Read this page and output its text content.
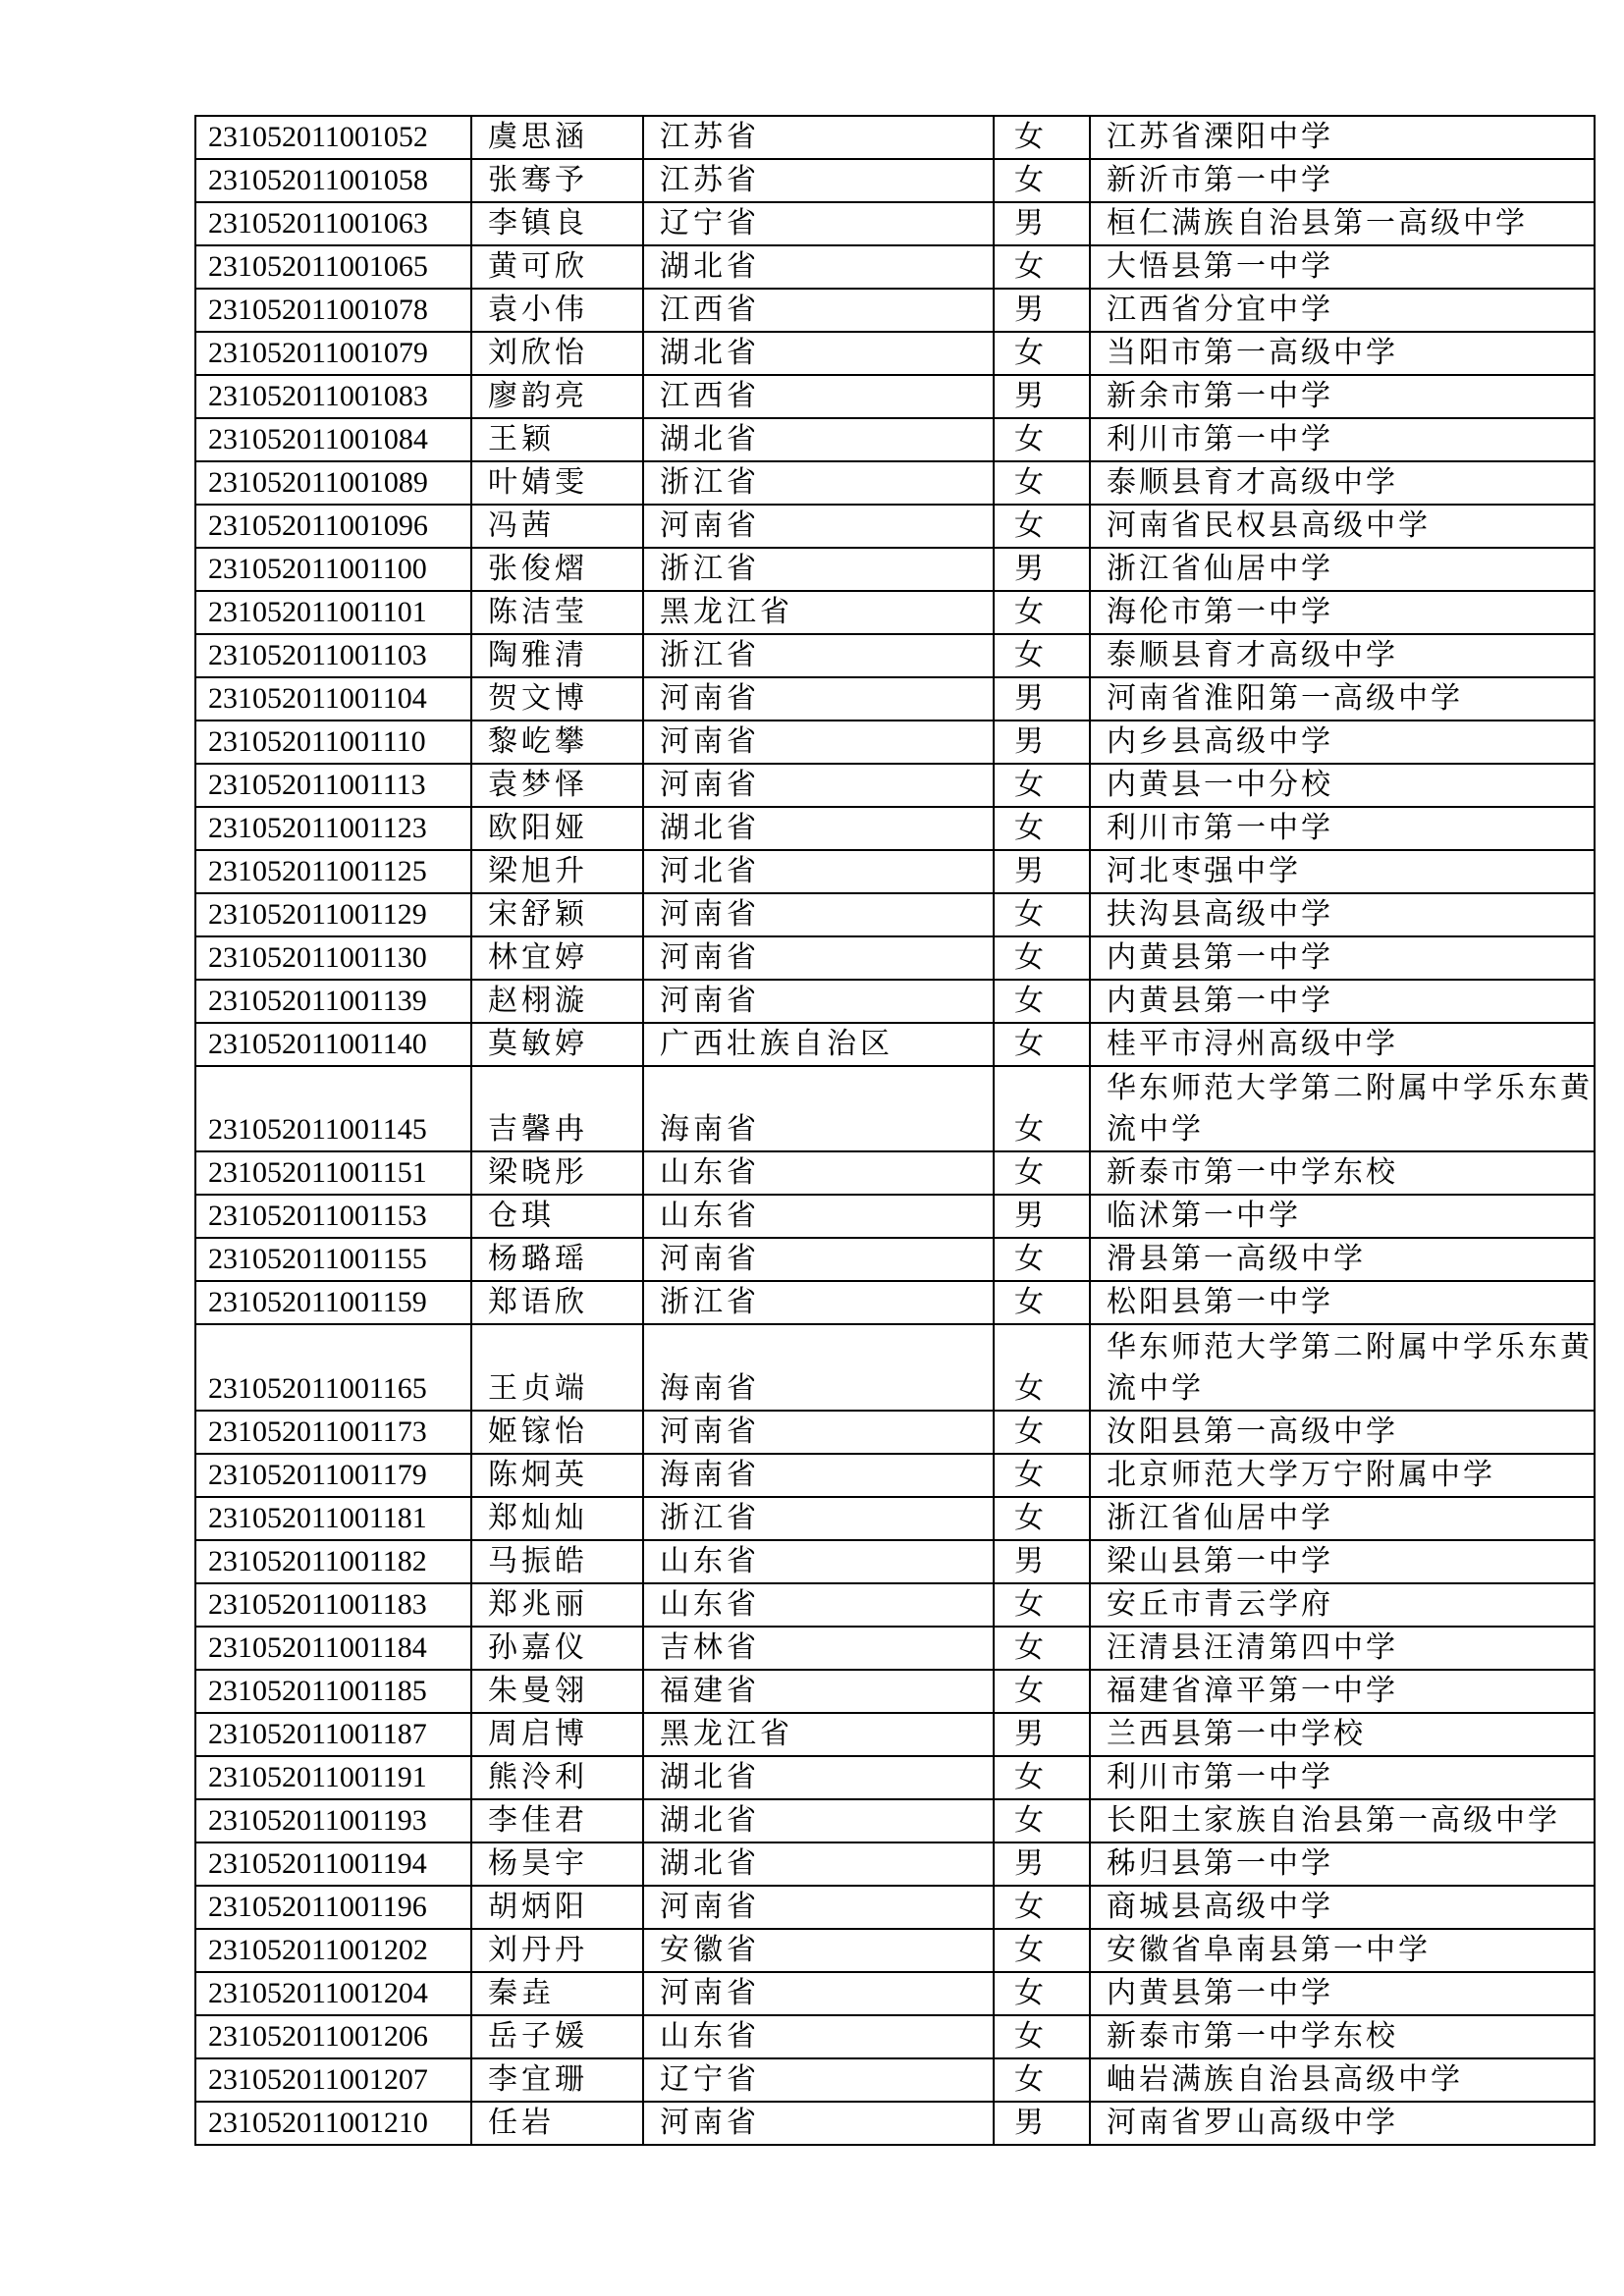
231052011001052	虞思涵	江苏省	女	江苏省溧阳中学
231052011001058	张骞予	江苏省	女	新沂市第一中学
231052011001063	李镇良	辽宁省	男	桓仁满族自治县第一高级中学
231052011001065	黄可欣	湖北省	女	大悟县第一中学
231052011001078	袁小伟	江西省	男	江西省分宜中学
231052011001079	刘欣怡	湖北省	女	当阳市第一高级中学
231052011001083	廖韵亮	江西省	男	新余市第一中学
231052011001084	王颖	湖北省	女	利川市第一中学
231052011001089	叶婧雯	浙江省	女	泰顺县育才高级中学
231052011001096	冯茜	河南省	女	河南省民权县高级中学
231052011001100	张俊熠	浙江省	男	浙江省仙居中学
231052011001101	陈洁莹	黑龙江省	女	海伦市第一中学
231052011001103	陶雅清	浙江省	女	泰顺县育才高级中学
231052011001104	贺文博	河南省	男	河南省淮阳第一高级中学
231052011001110	黎屹攀	河南省	男	内乡县高级中学
231052011001113	袁梦怿	河南省	女	内黄县一中分校
231052011001123	欧阳娅	湖北省	女	利川市第一中学
231052011001125	梁旭升	河北省	男	河北枣强中学
231052011001129	宋舒颖	河南省	女	扶沟县高级中学
231052011001130	林宜婷	河南省	女	内黄县第一中学
231052011001139	赵栩漩	河南省	女	内黄县第一中学
231052011001140	莫敏婷	广西壮族自治区	女	桂平市浔州高级中学
231052011001145	吉馨冉	海南省	女	华东师范大学第二附属中学乐东黄流中学
231052011001151	梁晓彤	山东省	女	新泰市第一中学东校
231052011001153	仓琪	山东省	男	临沭第一中学
231052011001155	杨璐瑶	河南省	女	滑县第一高级中学
231052011001159	郑语欣	浙江省	女	松阳县第一中学
231052011001165	王贞端	海南省	女	华东师范大学第二附属中学乐东黄流中学
231052011001173	姬镓怡	河南省	女	汝阳县第一高级中学
231052011001179	陈炯英	海南省	女	北京师范大学万宁附属中学
231052011001181	郑灿灿	浙江省	女	浙江省仙居中学
231052011001182	马振皓	山东省	男	梁山县第一中学
231052011001183	郑兆丽	山东省	女	安丘市青云学府
231052011001184	孙嘉仪	吉林省	女	汪清县汪清第四中学
231052011001185	朱曼翎	福建省	女	福建省漳平第一中学
231052011001187	周启博	黑龙江省	男	兰西县第一中学校
231052011001191	熊泠利	湖北省	女	利川市第一中学
231052011001193	李佳君	湖北省	女	长阳土家族自治县第一高级中学
231052011001194	杨昊宇	湖北省	男	秭归县第一中学
231052011001196	胡炳阳	河南省	女	商城县高级中学
231052011001202	刘丹丹	安徽省	女	安徽省阜南县第一中学
231052011001204	秦垚	河南省	女	内黄县第一中学
231052011001206	岳子媛	山东省	女	新泰市第一中学东校
231052011001207	李宜珊	辽宁省	女	岫岩满族自治县高级中学
231052011001210	任岩	河南省	男	河南省罗山高级中学
